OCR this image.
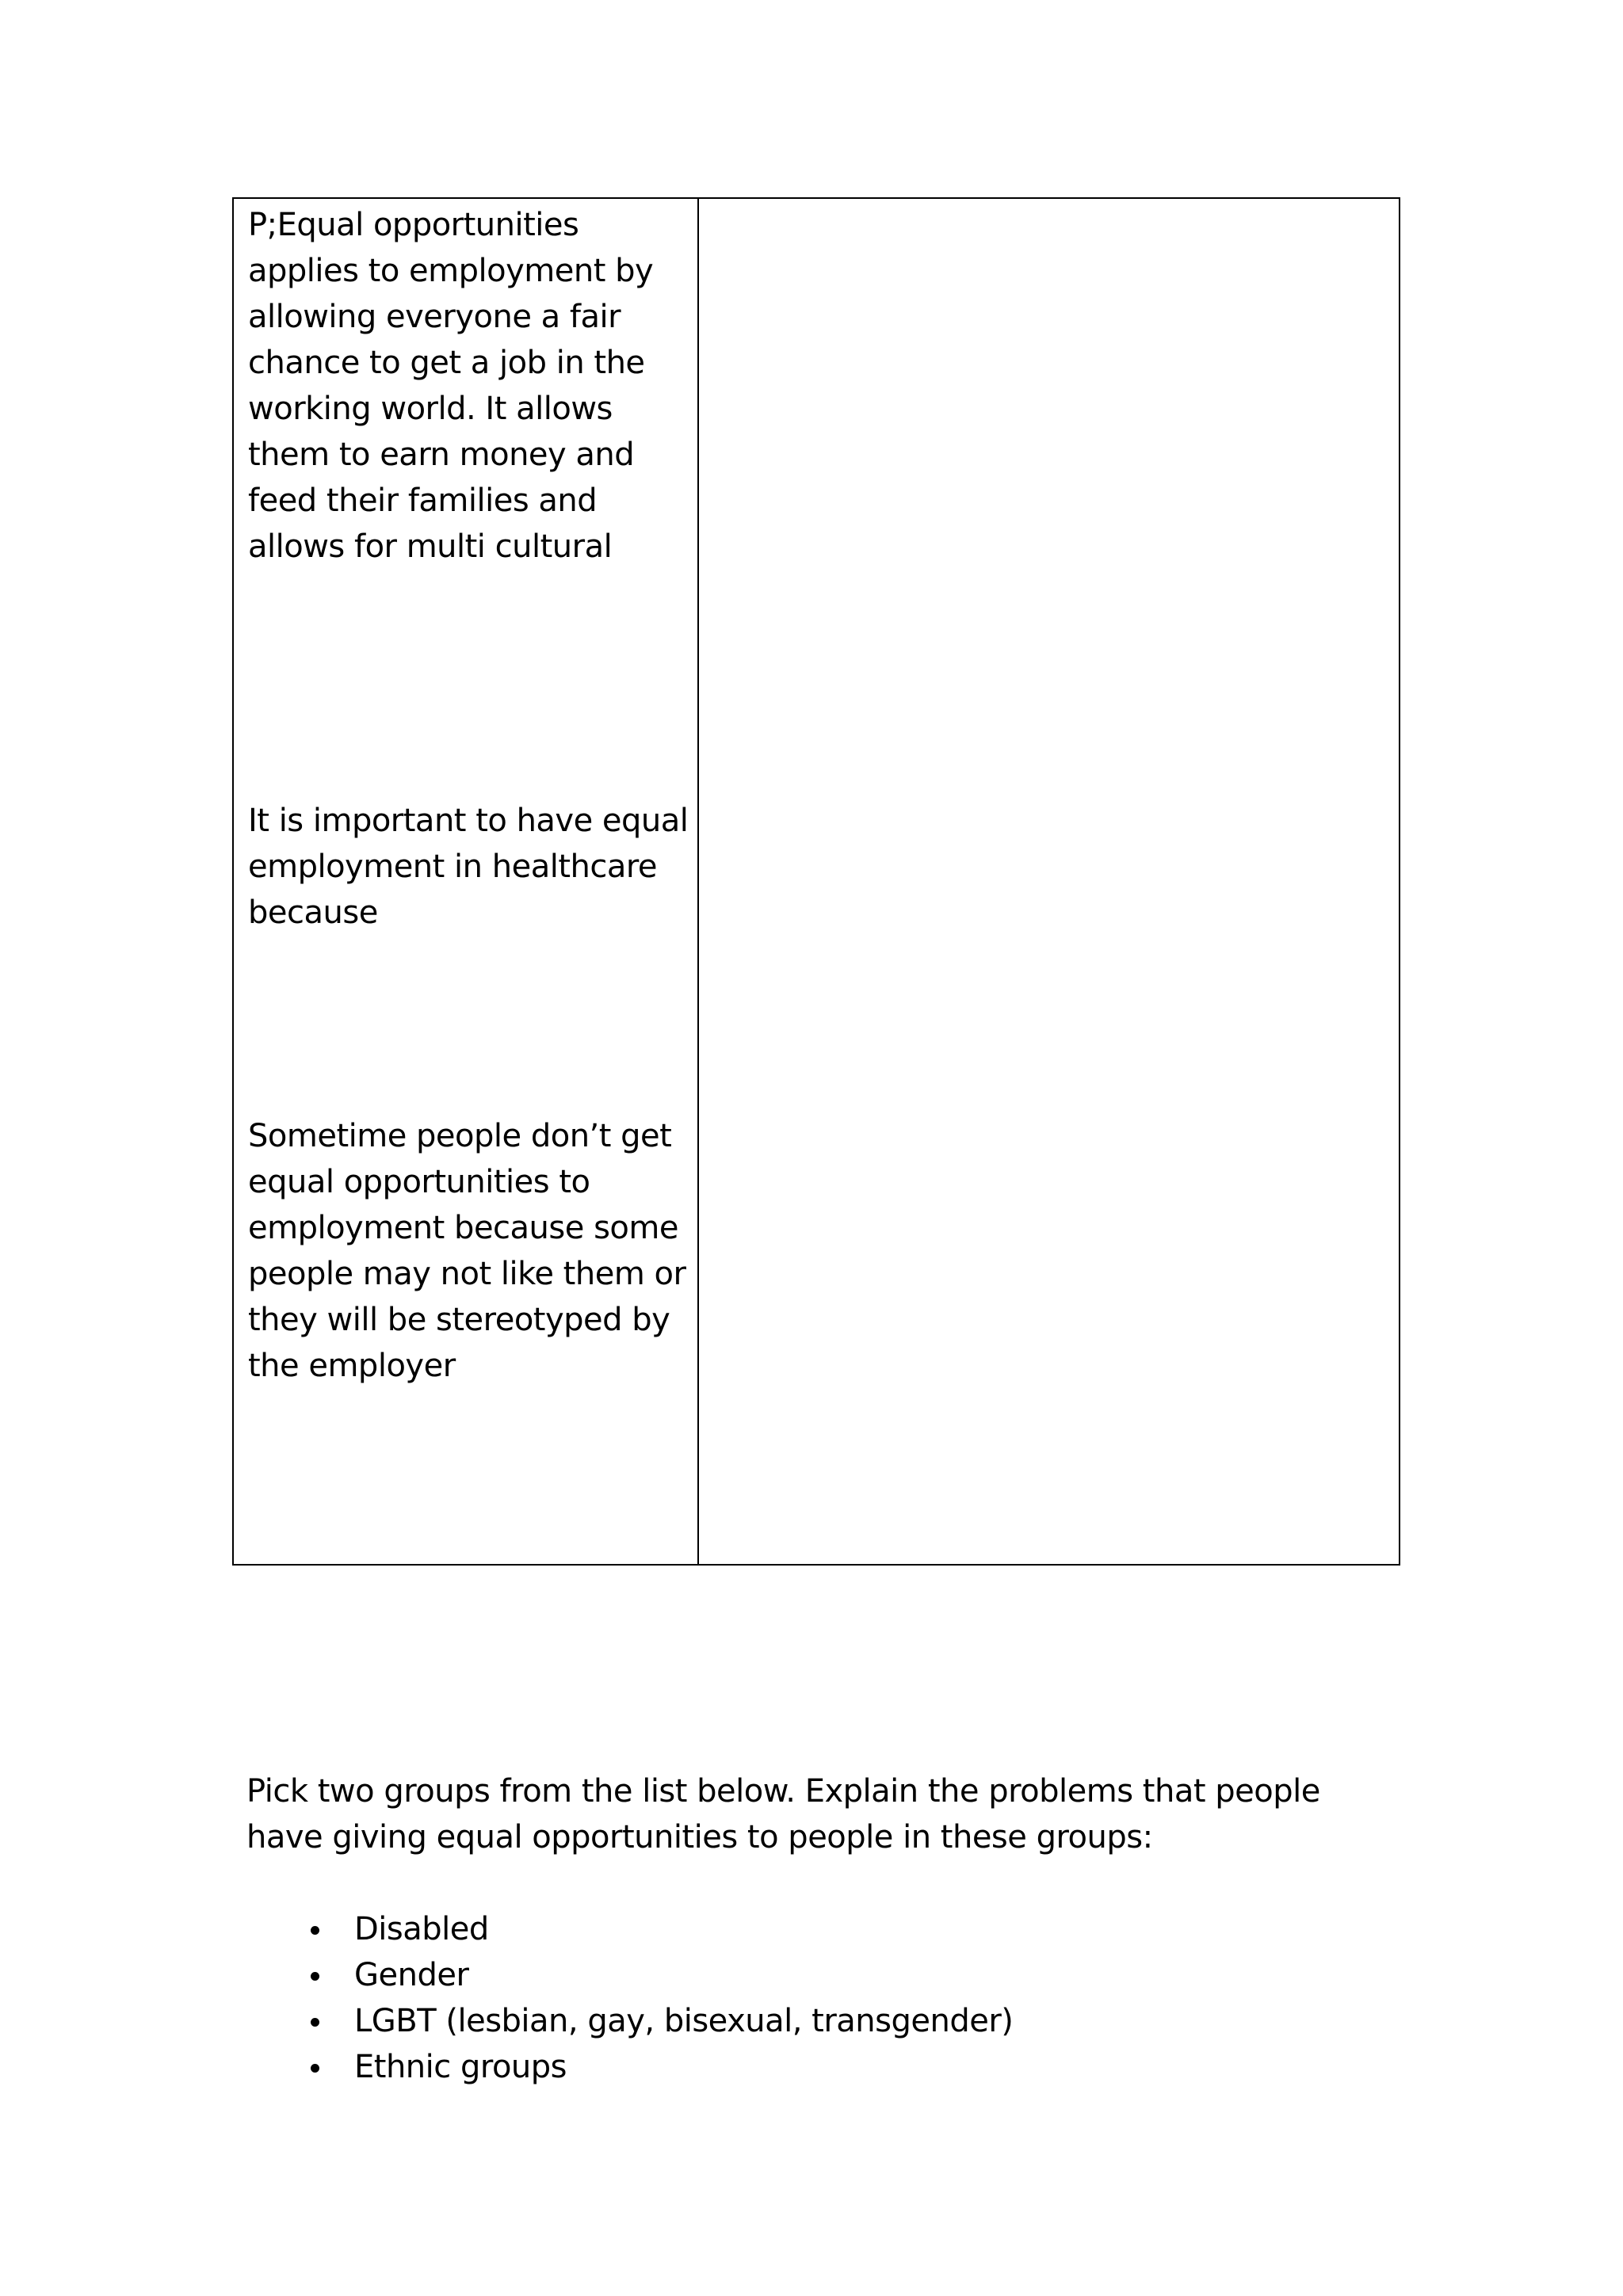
P;Equal opportunities applies to employment by allowing everyone a fair chance to get a job in the working world. It allows them to earn money and feed their families and allows for multi cultural

It is important to have equal employment in healthcare because

Sometime people don’t get equal opportunities to employment because some people may not like them or they will be stereotyped by the employer

Pick two groups from the list below. Explain the problems that people have giving equal opportunities to people in these groups:

Disabled
Gender
LGBT (lesbian, gay, bisexual, transgender)
Ethnic groups
